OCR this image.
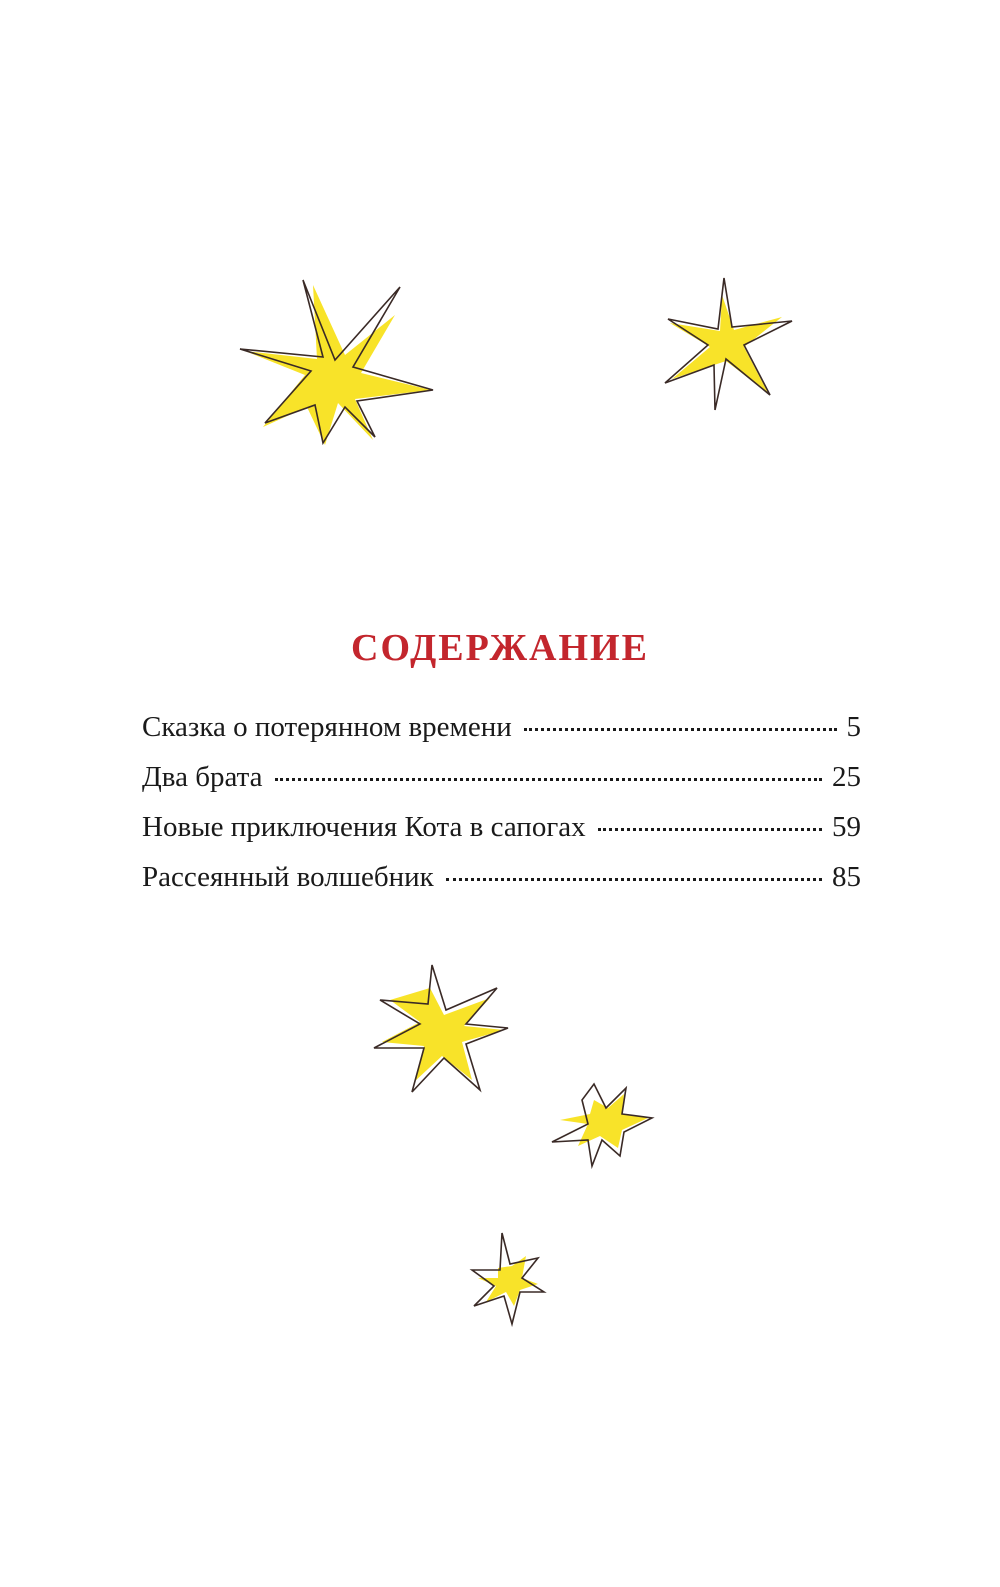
СОДЕРЖАНИЕ
Сказка о потерянном времени	5
Два брата	25
Новые приключения Кота в сапогах	59
Рассеянный волшебник	85
